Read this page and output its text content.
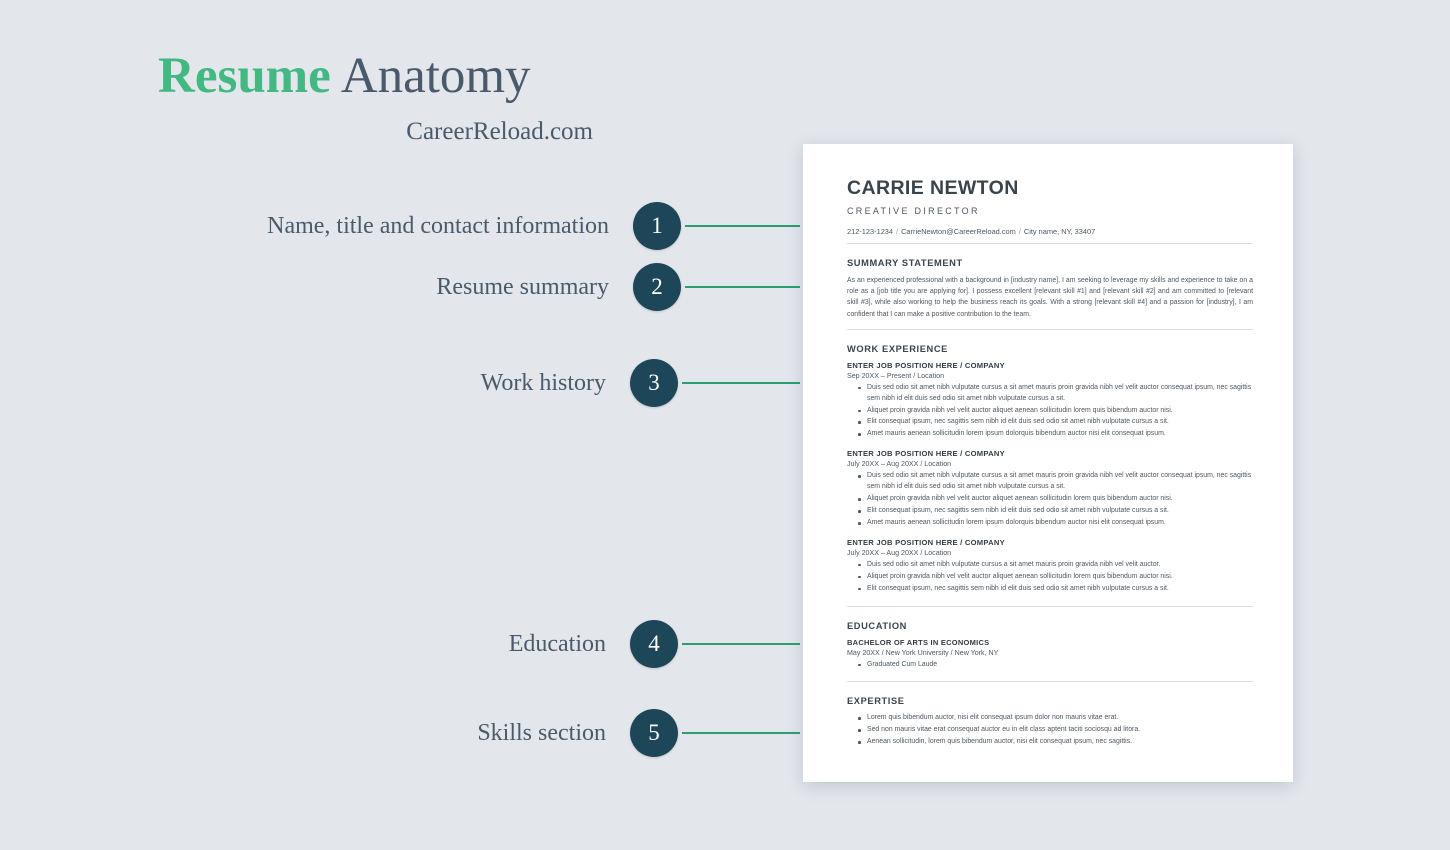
Resume Anatomy
CareerReload.com
Name, title and contact information	1
Resume summary	2
Work history	3
Education	4
Skills section	5
CARRIE NEWTON
CREATIVE DIRECTOR
212-123-1234 / CarrieNewton@CareerReload.com / City name, NY, 33407
SUMMARY STATEMENT
As an experienced professional with a background in [industry name], I am seeking to leverage my skills and experience to take on a role as a [job title you are applying for]. I possess excellent [relevant skill #1] and [relevant skill #2] and am committed to [relevant skill #3], while also working to help the business reach its goals. With a strong [relevant skill #4] and a passion for [industry], I am confident that I can make a positive contribution to the team.
WORK EXPERIENCE
ENTER JOB POSITION HERE / COMPANY
Sep 20XX – Present / Location
Duis sed odio sit amet nibh vulputate cursus a sit amet mauris proin gravida nibh vel velit auctor consequat ipsum, nec sagittis sem nibh id elit duis sed odio sit amet nibh vulputate cursus a sit.
Aliquet proin gravida nibh vel velit auctor aliquet aenean sollicitudin lorem quis bibendum auctor nisi.
Elit consequat ipsum, nec sagittis sem nibh id elit duis sed odio sit amet nibh vulputate cursus a sit.
Amet mauris aenean sollicitudin lorem ipsum dolorquis bibendum auctor nisi elit consequat ipsum.
ENTER JOB POSITION HERE / COMPANY
July 20XX – Aug 20XX / Location
Duis sed odio sit amet nibh vulputate cursus a sit amet mauris proin gravida nibh vel velit auctor consequat ipsum, nec sagittis sem nibh id elit duis sed odio sit amet nibh vulputate cursus a sit.
Aliquet proin gravida nibh vel velit auctor aliquet aenean sollicitudin lorem quis bibendum auctor nisi.
Elit consequat ipsum, nec sagittis sem nibh id elit duis sed odio sit amet nibh vulputate cursus a sit.
Amet mauris aenean sollicitudin lorem ipsum dolorquis bibendum auctor nisi elit consequat ipsum.
ENTER JOB POSITION HERE / COMPANY
July 20XX – Aug 20XX / Location
Duis sed odio sit amet nibh vulputate cursus a sit amet mauris proin gravida nibh vel velit auctor.
Aliquet proin gravida nibh vel velit auctor aliquet aenean sollicitudin lorem quis bibendum auctor nisi.
Elit consequat ipsum, nec sagittis sem nibh id elit duis sed odio sit amet nibh vulputate cursus a sit.
EDUCATION
BACHELOR OF ARTS IN ECONOMICS
May 20XX / New York University / New York, NY
Graduated Cum Laude
EXPERTISE
Lorem quis bibendum auctor, nisi elit consequat ipsum dolor non mauris vitae erat.
Sed non mauris vitae erat consequat auctor eu in elit class aptent taciti sociosqu ad litora.
Aenean sollicitudin, lorem quis bibendum auctor, nisi elit consequat ipsum, nec sagittis.
